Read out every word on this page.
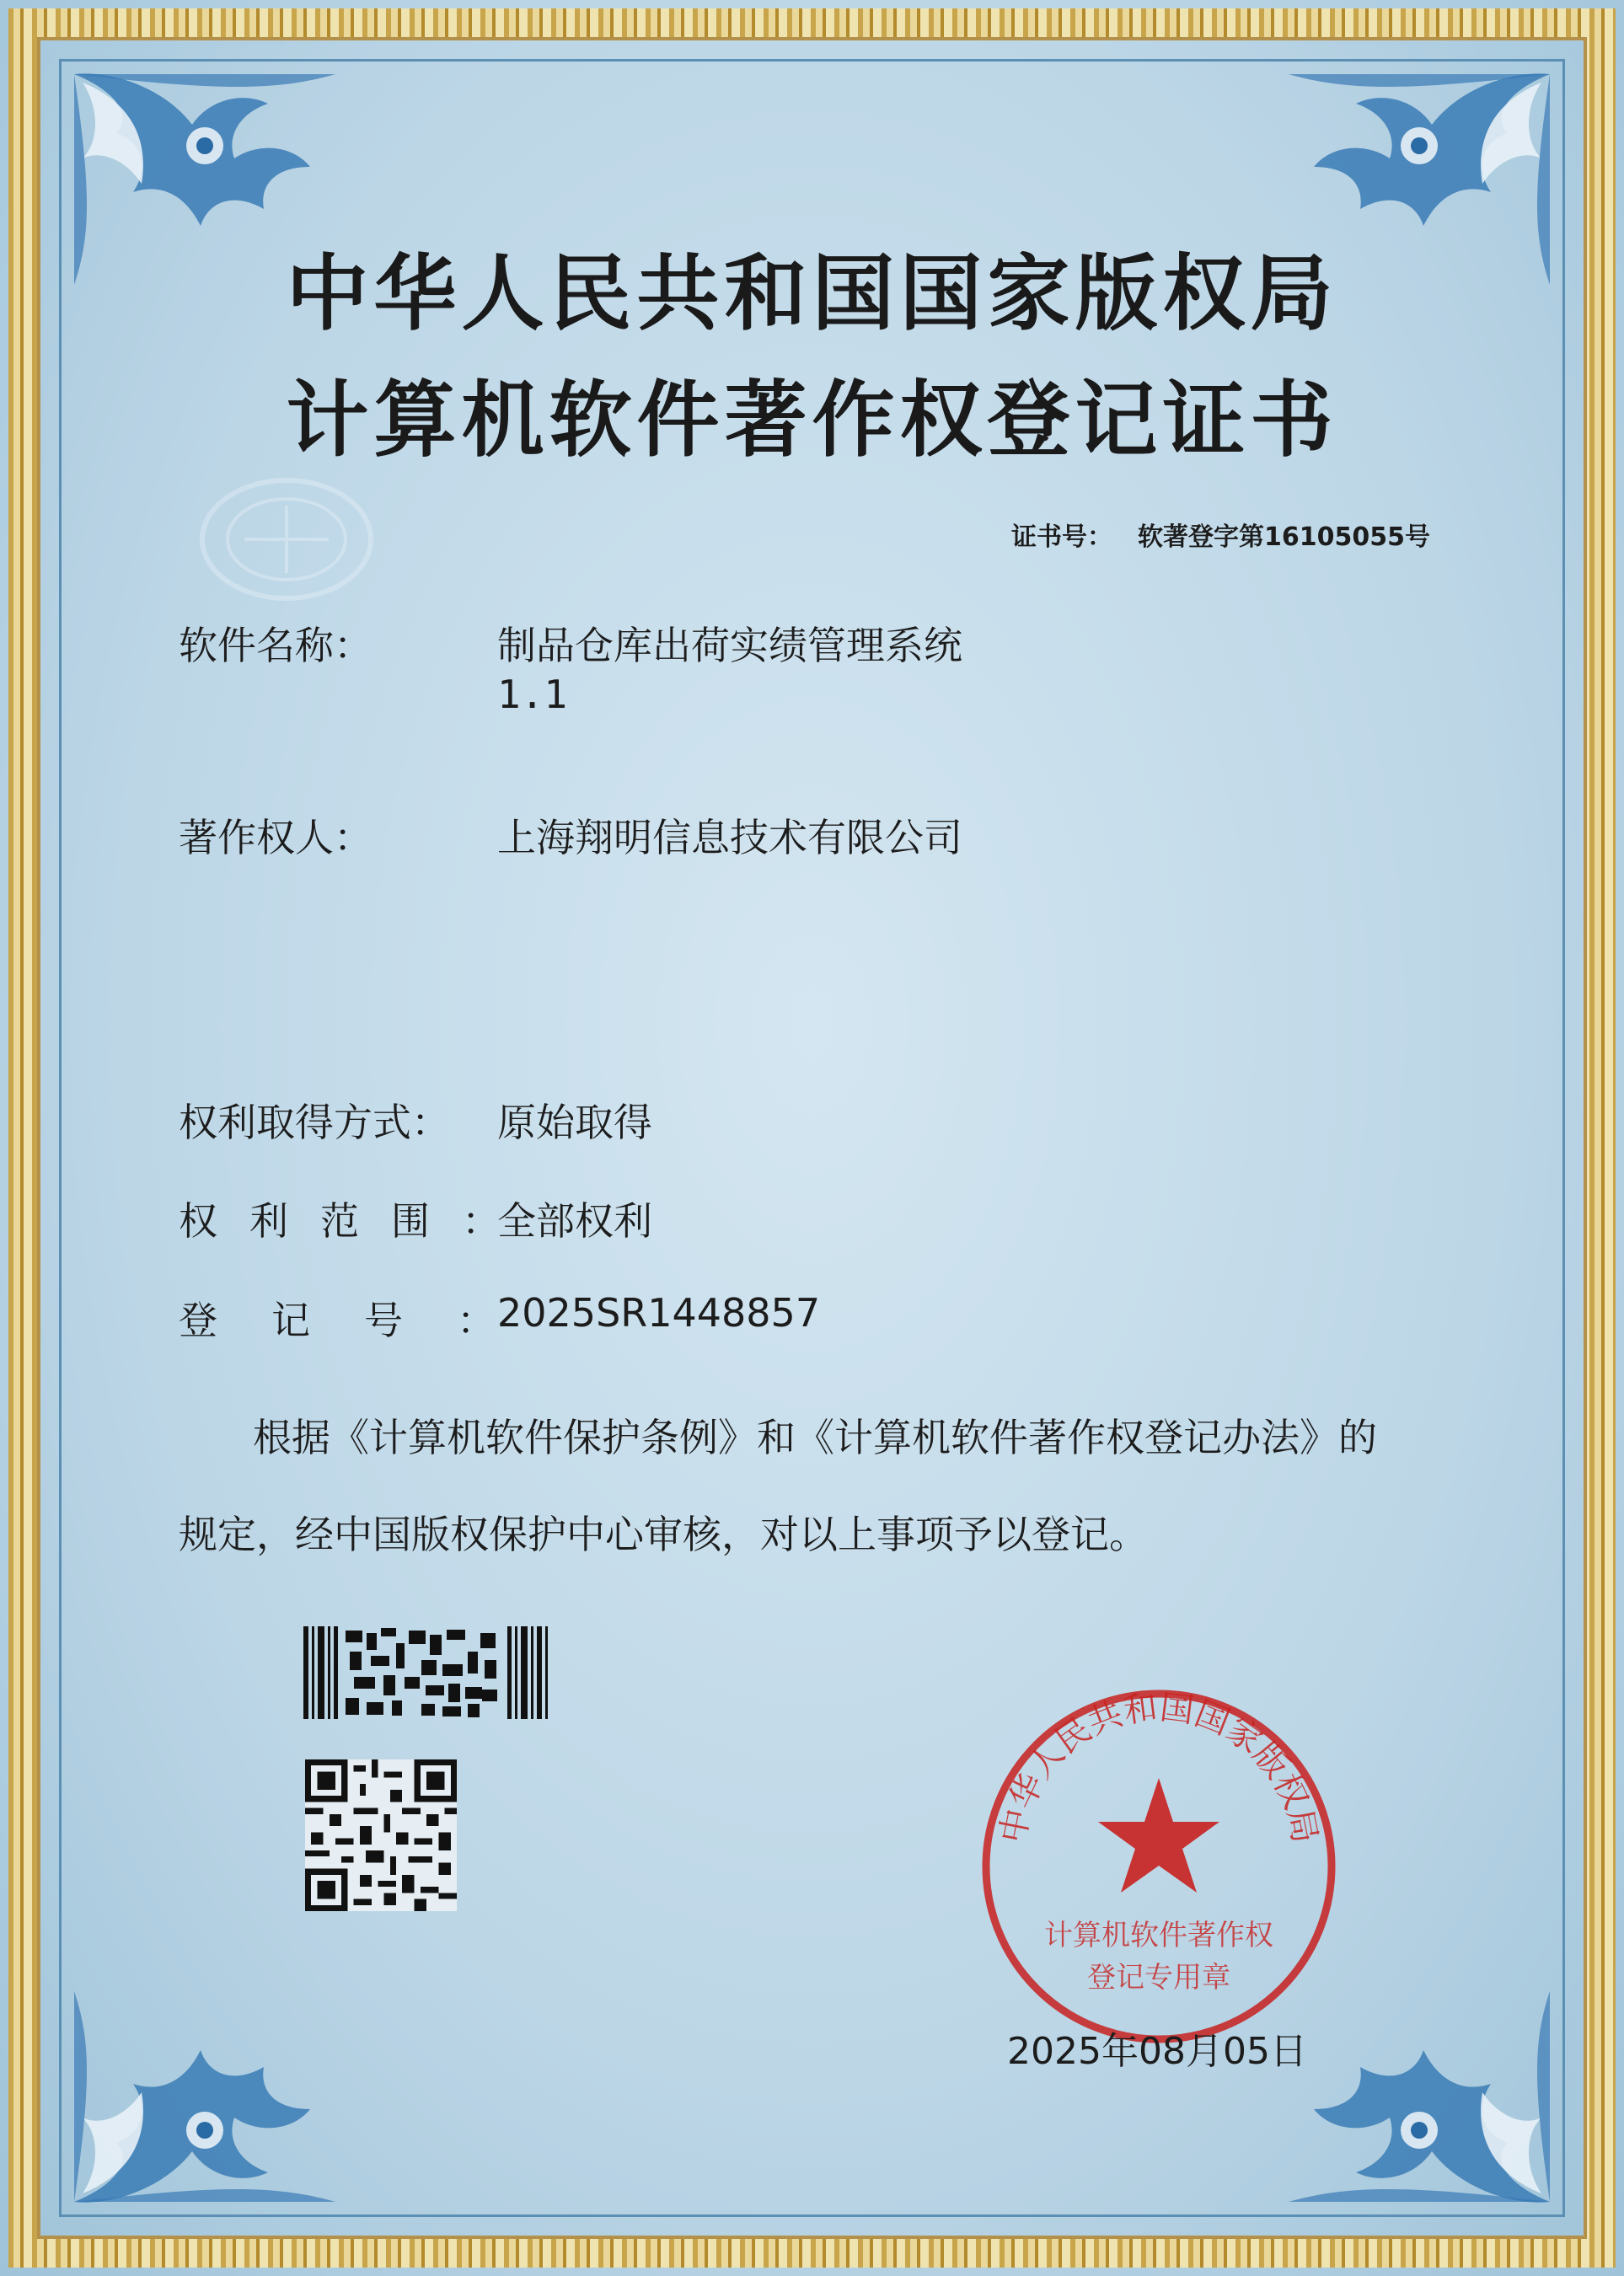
中华人民共和国国家版权局
计算机软件著作权登记证书
证书号： 软著登字第16105055号
软件名称：	制品仓库出荷实绩管理系统
1.1
著作权人：	上海翔明信息技术有限公司
权利取得方式：	原始取得
权利范围：
全部权利
登记号：
2025SR1448857
根据《计算机软件保护条例》和《计算机软件著作权登记办法》的
规定，经中国版权保护中心审核，对以上事项予以登记。
中华人民共和国国家版权局
计算机软件著作权
登记专用章
2025年08月05日
